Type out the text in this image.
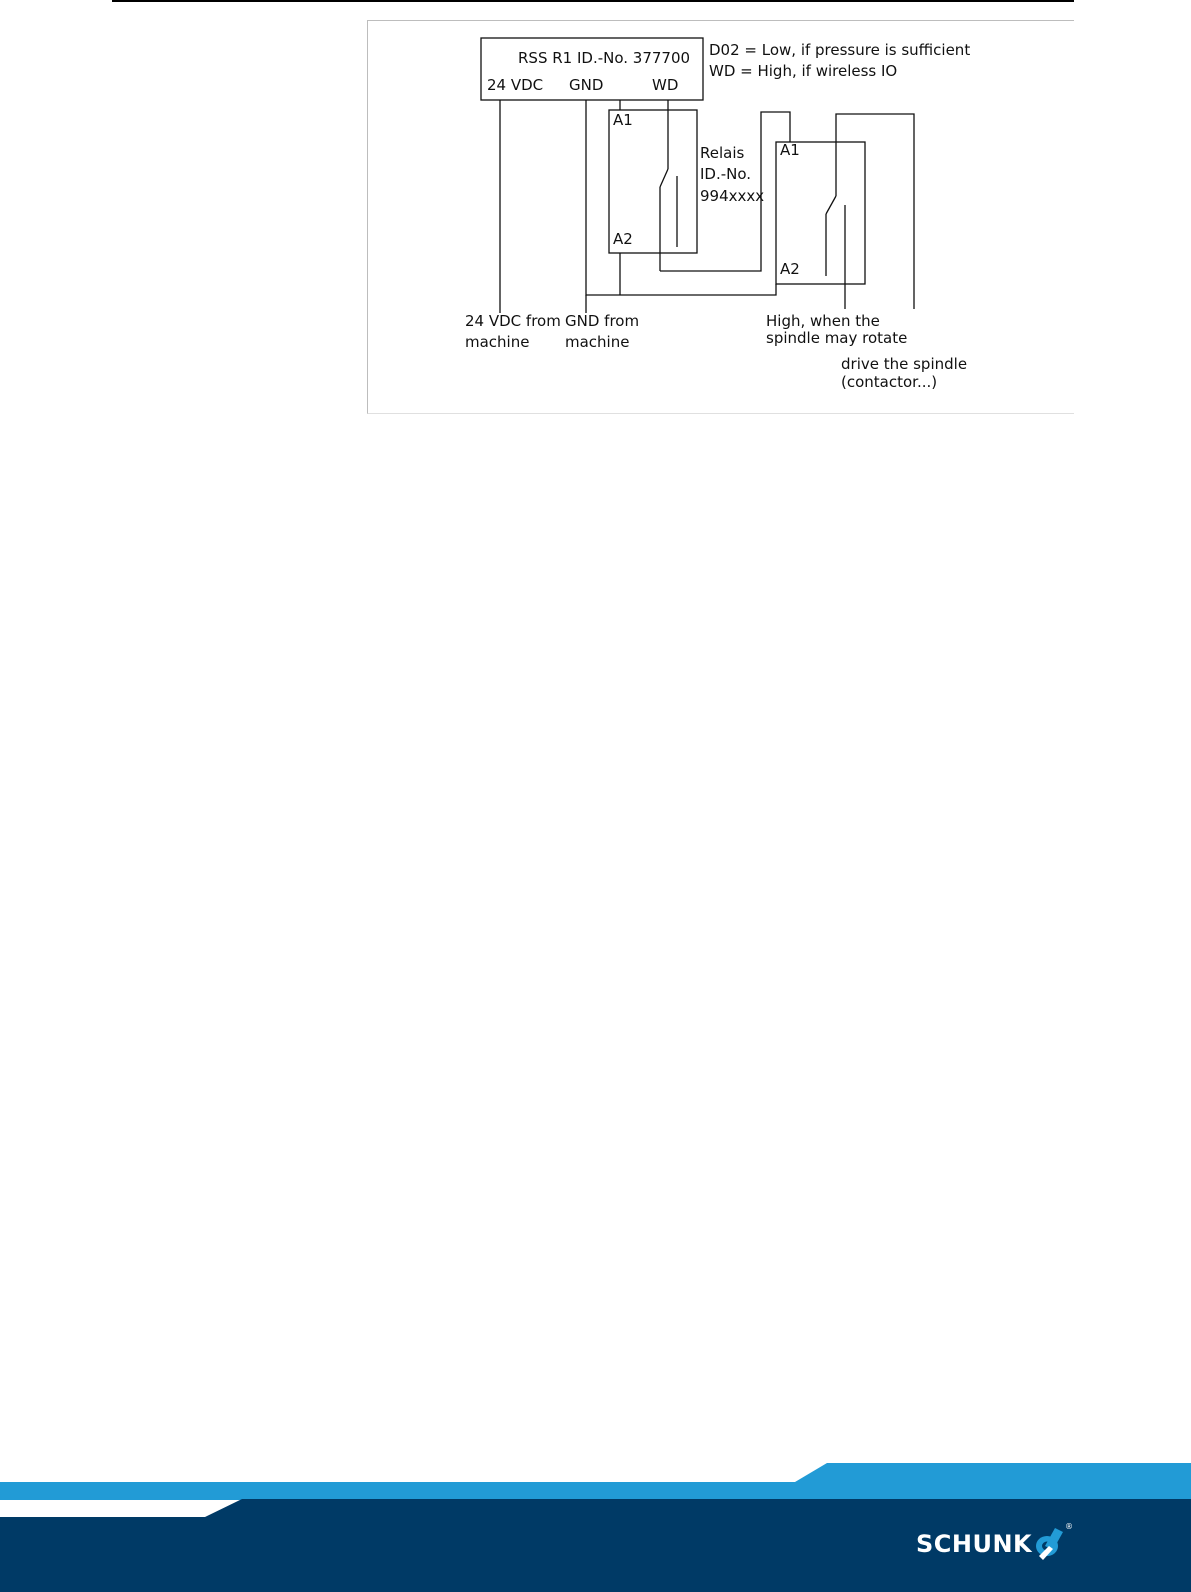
RSS R1 ID.-No. 377700
24 VDC GND	WD
D02 = Low, if pressure is sufficient
WD = High, if wireless IO
A1
A2
Relais
ID.-No.
994xxxx
A1
A2
24 VDC from
machine
GND from
machine
High, when the
spindle may rotate
drive the spindle
(contactor...)
SCHUNK
®
